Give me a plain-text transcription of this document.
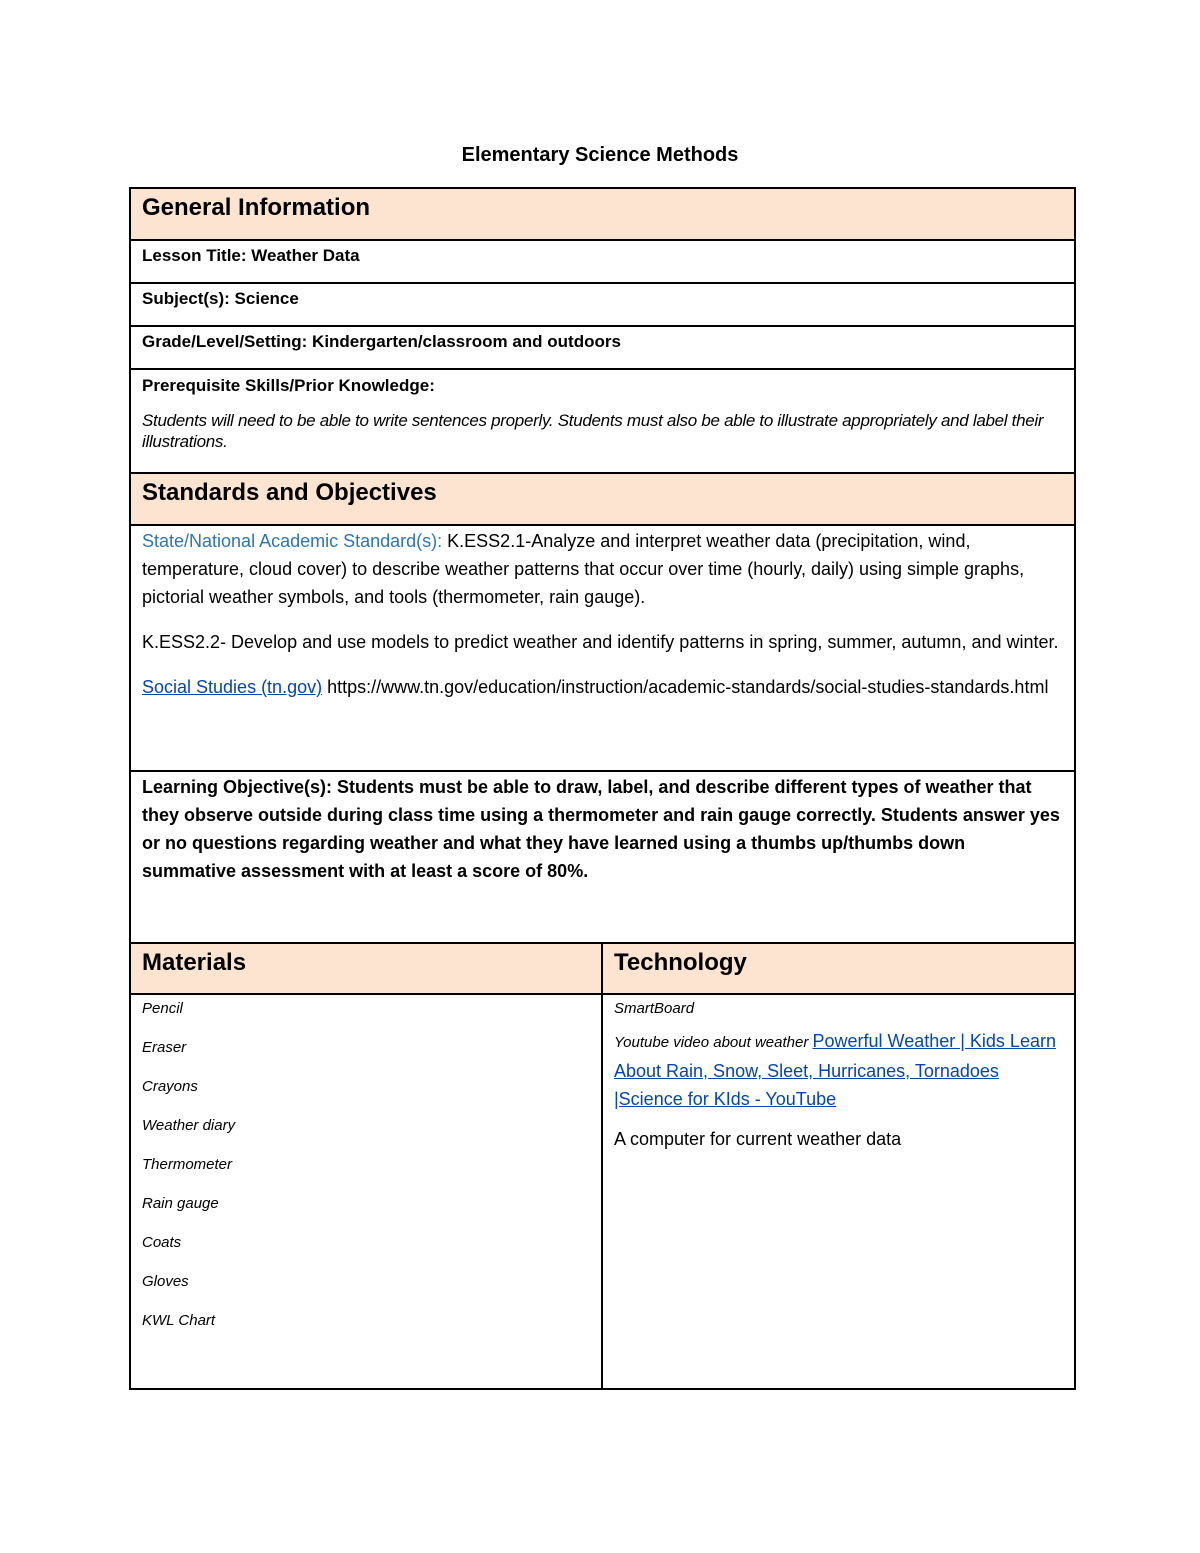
Elementary Science Methods
General Information
Lesson Title: Weather Data
Subject(s): Science
Grade/Level/Setting: Kindergarten/classroom and outdoors
Prerequisite Skills/Prior Knowledge:
Students will need to be able to write sentences properly. Students must also be able to illustrate appropriately and label their illustrations.
Standards and Objectives

State/National Academic Standard(s): K.ESS2.1-Analyze and interpret weather data (precipitation, wind, temperature, cloud cover) to describe weather patterns that occur over time (hourly, daily) using simple graphs, pictorial weather symbols, and tools (thermometer, rain gauge).

K.ESS2.2- Develop and use models to predict weather and identify patterns in spring, summer, autumn, and winter.

Social Studies (tn.gov) https://www.tn.gov/education/instruction/academic-standards/social-studies-standards.html

Learning Objective(s): Students must be able to draw, label, and describe different types of weather that they observe outside during class time using a thermometer and rain gauge correctly. Students answer yes or no questions regarding weather and what they have learned using a thumbs up/thumbs down summative assessment with at least a score of 80%.
Materials	Technology
Pencil
Eraser
Crayons
Weather diary
Thermometer
Rain gauge
Coats
Gloves
KWL Chart
SmartBoard
Youtube video about weather Powerful Weather | Kids Learn About Rain, Snow, Sleet, Hurricanes, Tornadoes |Science for KIds - YouTube
A computer for current weather data
